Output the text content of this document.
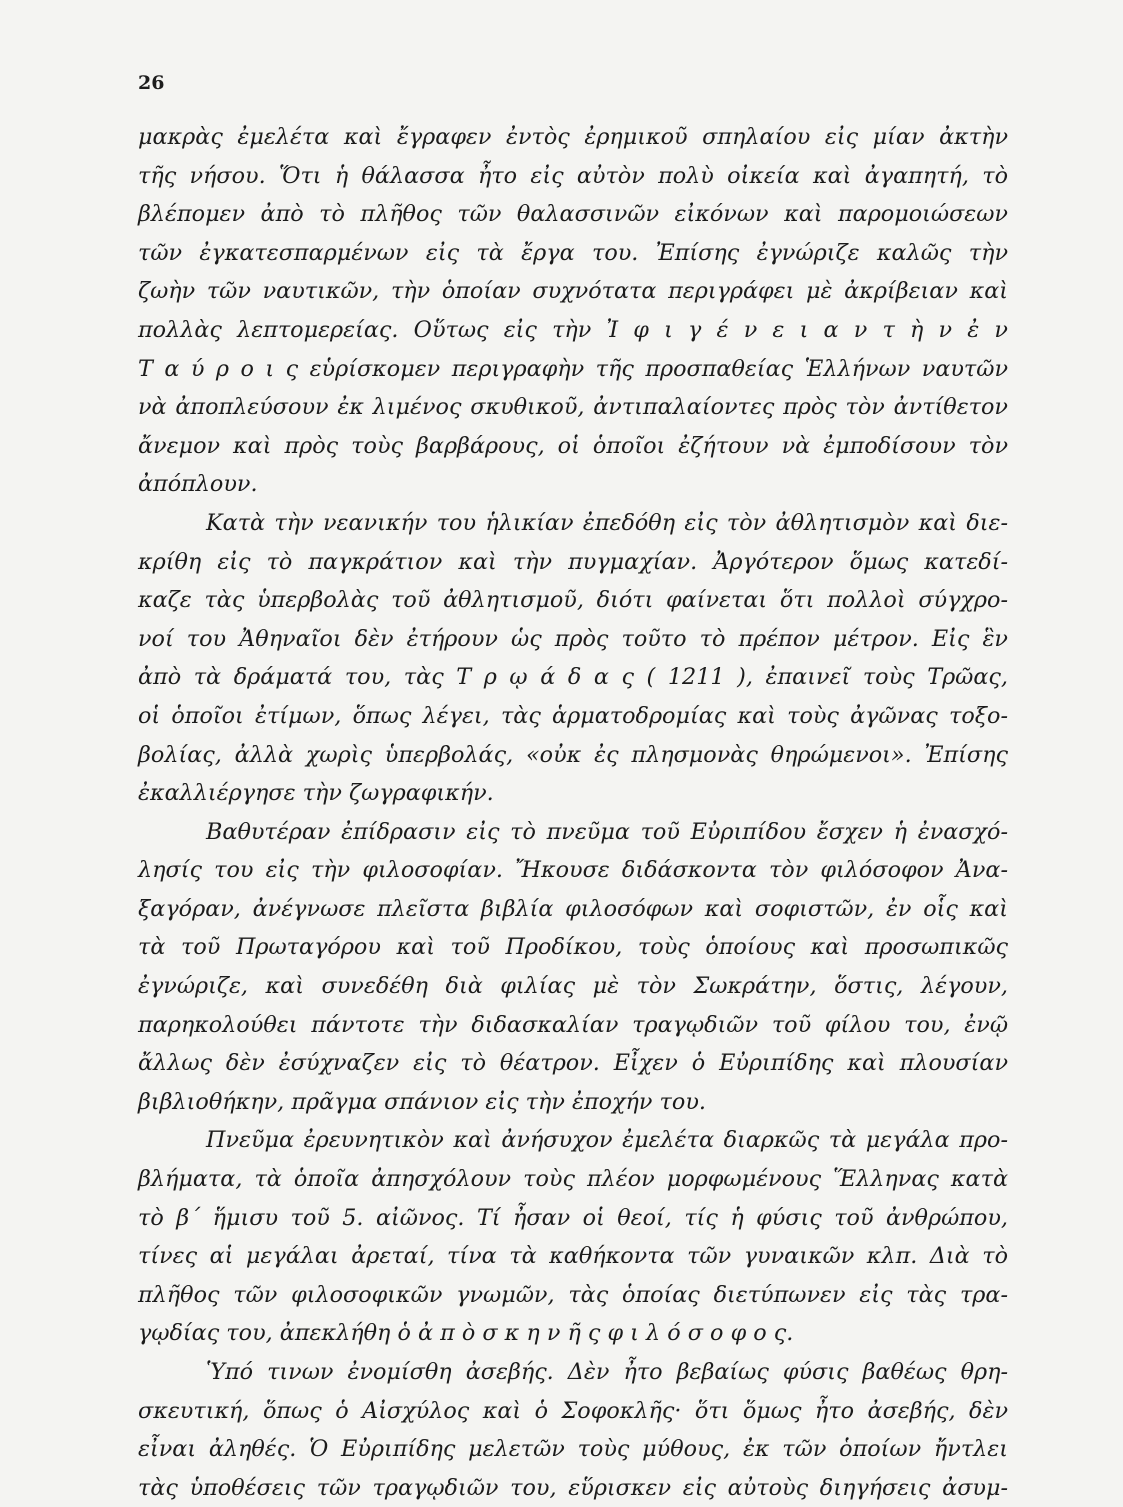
26
μακρὰς ἐμελέτα καὶ ἔγραφεν ἐντὸς ἐρημικοῦ σπηλαίου εἰς μίαν ἀκτὴν
τῆς νήσου. Ὅτι ἡ θάλασσα ἦτο εἰς αὐτὸν πολὺ οἰκεία καὶ ἀγαπητή, τὸ
βλέπομεν ἀπὸ τὸ πλῆθος τῶν θαλασσινῶν εἰκόνων καὶ παρομοιώσεων
τῶν ἐγκατεσπαρμένων εἰς τὰ ἔργα του. Ἐπίσης ἐγνώριζε καλῶς τὴν
ζωὴν τῶν ναυτικῶν, τὴν ὁποίαν συχνότατα περιγράφει μὲ ἀκρίβειαν καὶ
πολλὰς λεπτομερείας. Οὕτως εἰς τὴν Ἰ φ ι γ έ ν ε ι α ν τ ὴ ν ἐ ν
Τ α ύ ρ ο ι ς εὑρίσκομεν περιγραφὴν τῆς προσπαθείας Ἑλλήνων ναυτῶν
νὰ ἀποπλεύσουν ἐκ λιμένος σκυθικοῦ, ἀντιπαλαίοντες πρὸς τὸν ἀντίθετον
ἄνεμον καὶ πρὸς τοὺς βαρβάρους, οἱ ὁποῖοι ἐζήτουν νὰ ἐμποδίσουν τὸν
ἀπόπλουν.
Κατὰ τὴν νεανικήν του ἡλικίαν ἐπεδόθη εἰς τὸν ἀθλητισμὸν καὶ διε-
κρίθη εἰς τὸ παγκράτιον καὶ τὴν πυγμαχίαν. Ἀργότερον ὅμως κατεδί-
καζε τὰς ὑπερβολὰς τοῦ ἀθλητισμοῦ, διότι φαίνεται ὅτι πολλοὶ σύγχρο-
νοί του Ἀθηναῖοι δὲν ἐτήρουν ὡς πρὸς τοῦτο τὸ πρέπον μέτρον. Εἰς ἓν
ἀπὸ τὰ δράματά του, τὰς Τ ρ ῳ ά δ α ς ( 1211 ), ἐπαινεῖ τοὺς Τρῶας,
οἱ ὁποῖοι ἐτίμων, ὅπως λέγει, τὰς ἁρματοδρομίας καὶ τοὺς ἀγῶνας τοξο-
βολίας, ἀλλὰ χωρὶς ὑπερβολάς, «οὐκ ἐς πλησμονὰς θηρώμενοι». Ἐπίσης
ἐκαλλιέργησε τὴν ζωγραφικήν.
Βαθυτέραν ἐπίδρασιν εἰς τὸ πνεῦμα τοῦ Εὐριπίδου ἔσχεν ἡ ἐνασχό-
λησίς του εἰς τὴν φιλοσοφίαν. Ἤκουσε διδάσκοντα τὸν φιλόσοφον Ἀνα-
ξαγόραν, ἀνέγνωσε πλεῖστα βιβλία φιλοσόφων καὶ σοφιστῶν, ἐν οἷς καὶ
τὰ τοῦ Πρωταγόρου καὶ τοῦ Προδίκου, τοὺς ὁποίους καὶ προσωπικῶς
ἐγνώριζε, καὶ συνεδέθη διὰ φιλίας μὲ τὸν Σωκράτην, ὅστις, λέγουν,
παρηκολούθει πάντοτε τὴν διδασκαλίαν τραγῳδιῶν τοῦ φίλου του, ἐνῷ
ἄλλως δὲν ἐσύχναζεν εἰς τὸ θέατρον. Εἶχεν ὁ Εὐριπίδης καὶ πλουσίαν
βιβλιοθήκην, πρᾶγμα σπάνιον εἰς τὴν ἐποχήν του.
Πνεῦμα ἐρευνητικὸν καὶ ἀνήσυχον ἐμελέτα διαρκῶς τὰ μεγάλα προ-
βλήματα, τὰ ὁποῖα ἀπησχόλουν τοὺς πλέον μορφωμένους Ἕλληνας κατὰ
τὸ β΄ ἥμισυ τοῦ 5. αἰῶνος. Τί ἦσαν οἱ θεοί, τίς ἡ φύσις τοῦ ἀνθρώπου,
τίνες αἱ μεγάλαι ἀρεταί, τίνα τὰ καθήκοντα τῶν γυναικῶν κλπ. Διὰ τὸ
πλῆθος τῶν φιλοσοφικῶν γνωμῶν, τὰς ὁποίας διετύπωνεν εἰς τὰς τρα-
γῳδίας του, ἀπεκλήθη ὁ ἀ π ὸ σ κ η ν ῆ ς φ ι λ ό σ ο φ ο ς.
Ὑπό τινων ἐνομίσθη ἀσεβής. Δὲν ἦτο βεβαίως φύσις βαθέως θρη-
σκευτική, ὅπως ὁ Αἰσχύλος καὶ ὁ Σοφοκλῆς· ὅτι ὅμως ἦτο ἀσεβής, δὲν
εἶναι ἀληθές. Ὁ Εὐριπίδης μελετῶν τοὺς μύθους, ἐκ τῶν ὁποίων ἤντλει
τὰς ὑποθέσεις τῶν τραγῳδιῶν του, εὕρισκεν εἰς αὐτοὺς διηγήσεις ἀσυμ-
